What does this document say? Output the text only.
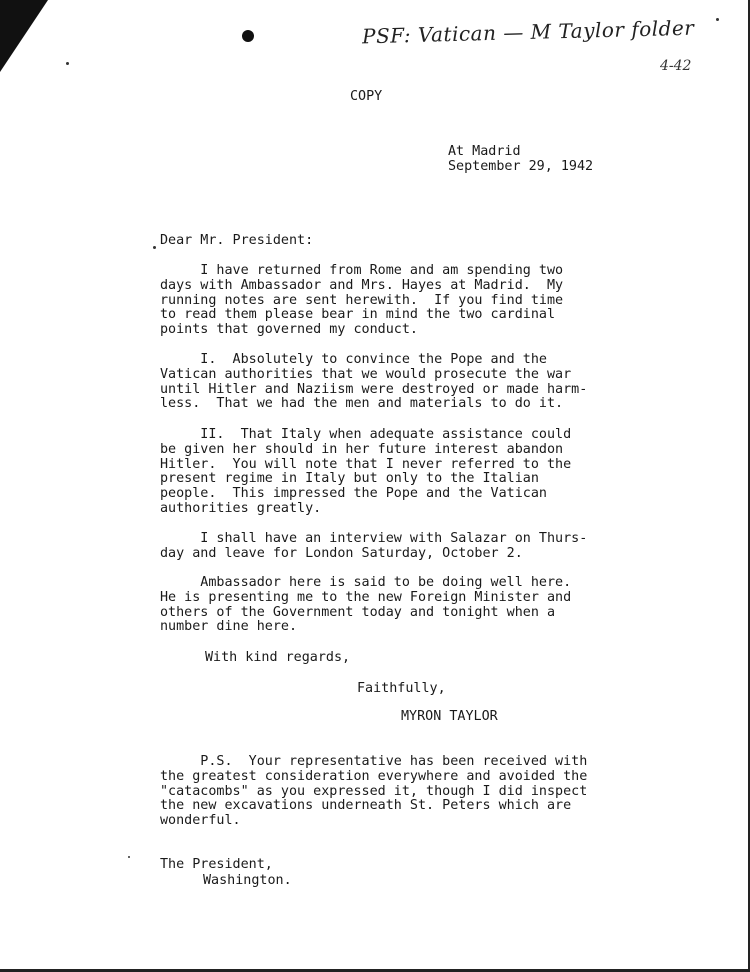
PSF: Vatican — M Taylor folder
4-42
COPY
At Madrid
September 29, 1942
Dear Mr. President:
I have returned from Rome and am spending two
days with Ambassador and Mrs. Hayes at Madrid.  My
running notes are sent herewith.  If you find time
to read them please bear in mind the two cardinal
points that governed my conduct.
I.  Absolutely to convince the Pope and the
Vatican authorities that we would prosecute the war
until Hitler and Naziism were destroyed or made harm-
less.  That we had the men and materials to do it.
II.  That Italy when adequate assistance could
be given her should in her future interest abandon
Hitler.  You will note that I never referred to the
present regime in Italy but only to the Italian
people.  This impressed the Pope and the Vatican
authorities greatly.
I shall have an interview with Salazar on Thurs-
day and leave for London Saturday, October 2.
Ambassador here is said to be doing well here.
He is presenting me to the new Foreign Minister and
others of the Government today and tonight when a
number dine here.
With kind regards,
Faithfully,
MYRON TAYLOR
P.S.  Your representative has been received with
the greatest consideration everywhere and avoided the
"catacombs" as you expressed it, though I did inspect
the new excavations underneath St. Peters which are
wonderful.
The President,
Washington.
